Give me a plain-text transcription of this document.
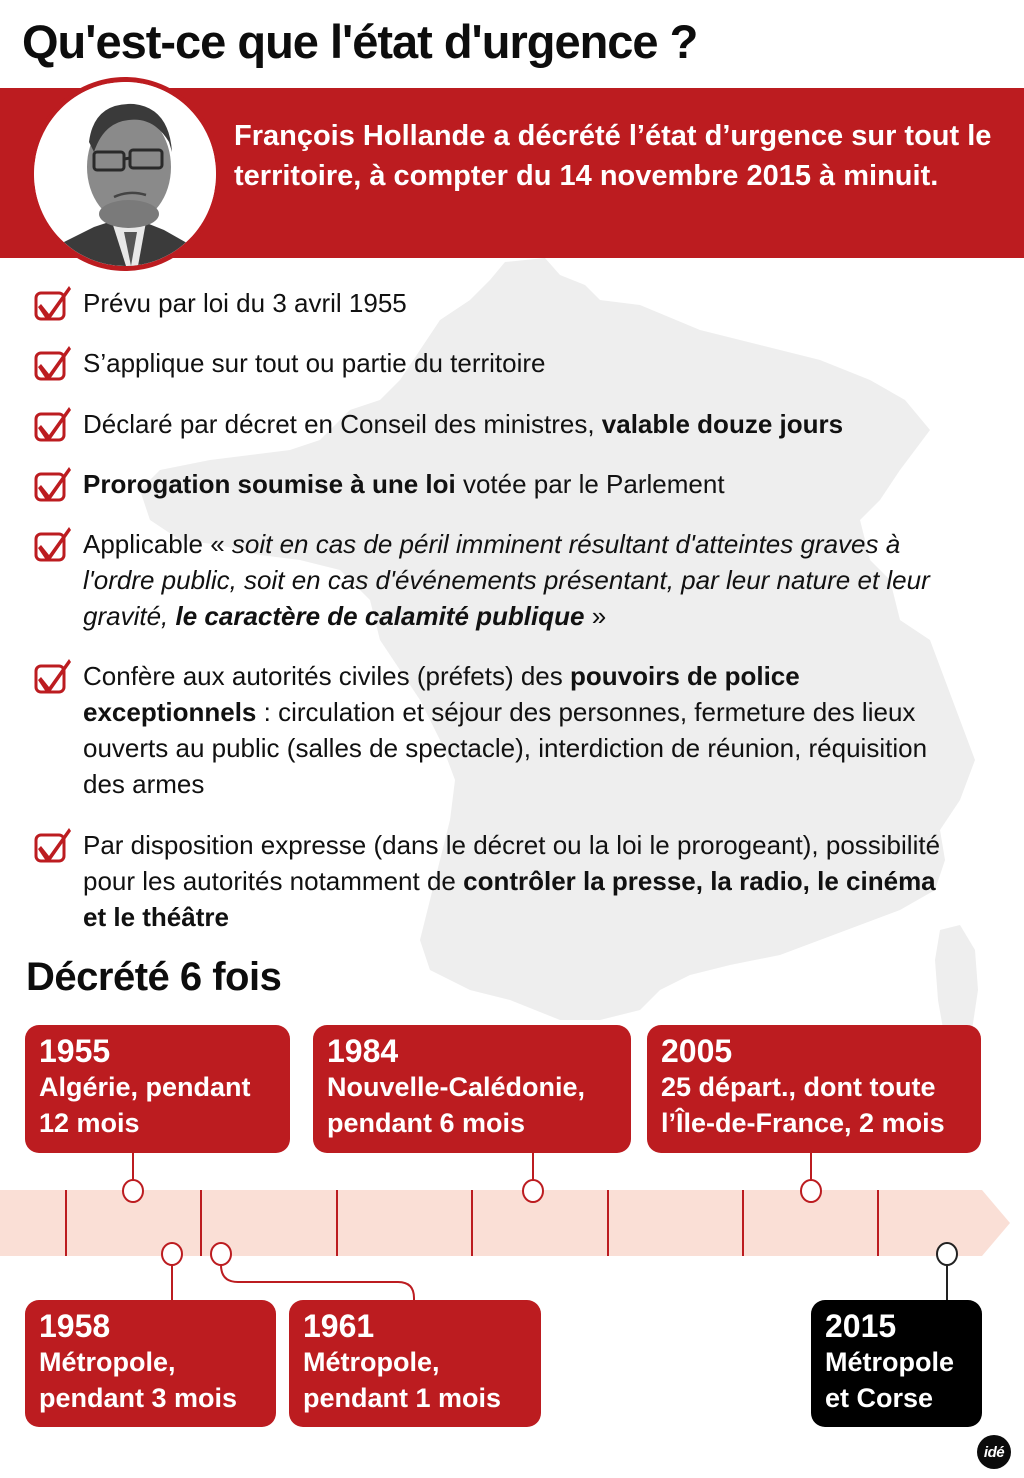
Qu'est-ce que l'état d'urgence ?
François Hollande a décrété l’état d’urgence sur tout le territoire, à compter du 14 novembre 2015 à minuit.
Prévu par loi du 3 avril 1955
S’applique sur tout ou partie du territoire
Déclaré par décret en Conseil des ministres, valable douze jours
Prorogation soumise à une loi votée par le Parlement
Applicable « soit en cas de péril imminent résultant d'atteintes graves à l'ordre public, soit en cas d'événements présentant, par leur nature et leur gravité, le caractère de calamité publique »
Confère aux autorités civiles (préfets) des pouvoirs de police exceptionnels : circulation et séjour des personnes, fermeture des lieux ouverts au public (salles de spectacle), interdiction de réunion, réquisition des armes
Par disposition expresse (dans le décret ou la loi le prorogeant), possibilité pour les autorités notamment de contrôler la presse, la radio, le cinéma et le théâtre
Décrété 6 fois
1955
Algérie, pendant
12 mois
1958
Métropole,
pendant 3 mois
1961
Métropole,
pendant 1 mois
1984
Nouvelle-Calédonie,
pendant 6 mois
2005
25 départ., dont toute
l’Île-de-France, 2 mois
2015
Métropole
et Corse
idé
